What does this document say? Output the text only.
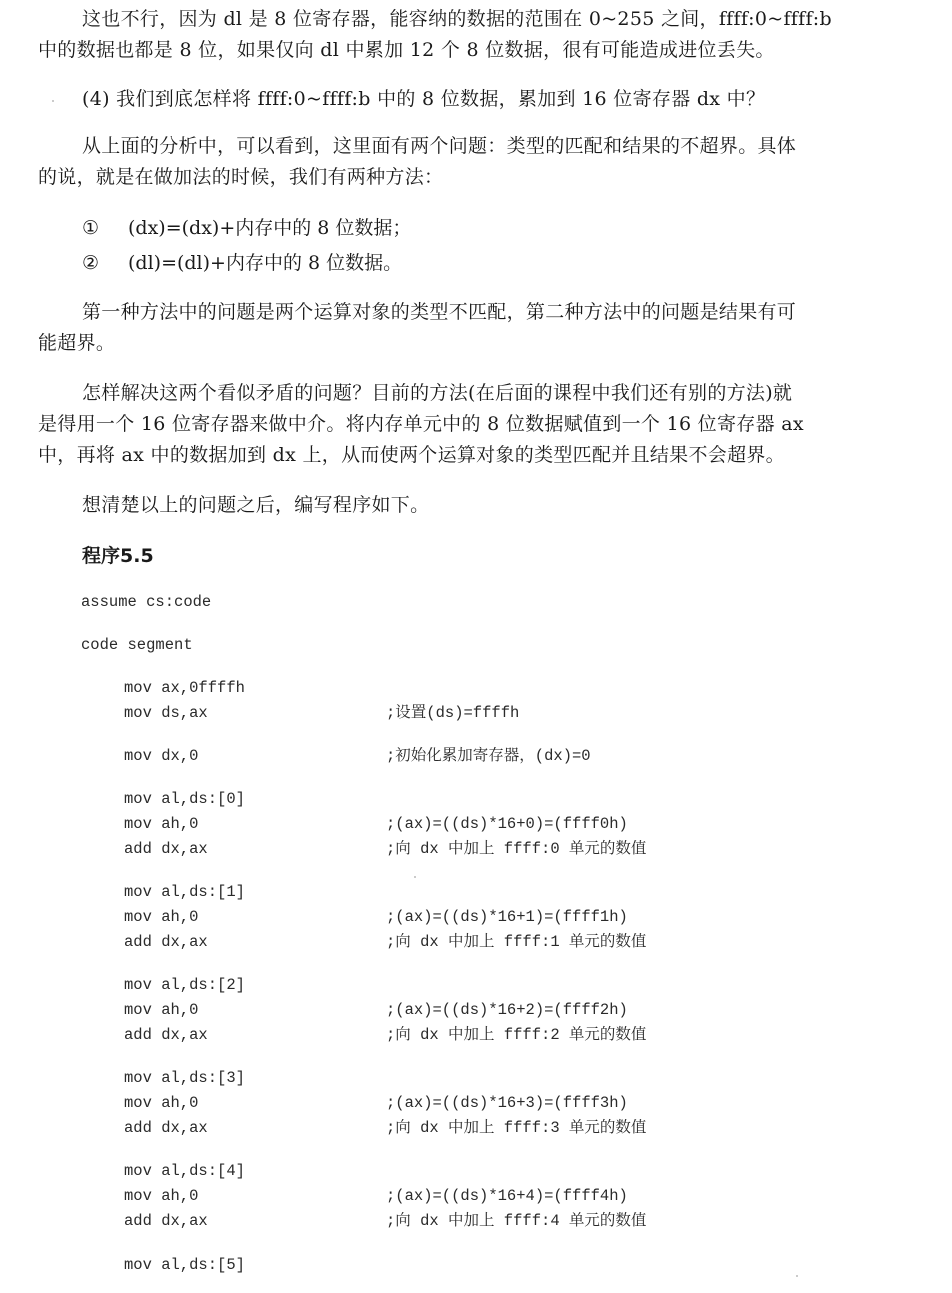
这也不行，因为 dl 是 8 位寄存器，能容纳的数据的范围在 0~255 之间，ffff:0~ffff:b
中的数据也都是 8 位，如果仅向 dl 中累加 12 个 8 位数据，很有可能造成进位丢失。

(4) 我们到底怎样将 ffff:0~ffff:b 中的 8 位数据，累加到 16 位寄存器 dx 中？

从上面的分析中，可以看到，这里面有两个问题：类型的匹配和结果的不超界。具体
的说，就是在做加法的时候，我们有两种方法：

① (dx)=(dx)+内存中的 8 位数据；
② (dl)=(dl)+内存中的 8 位数据。

第一种方法中的问题是两个运算对象的类型不匹配，第二种方法中的问题是结果有可
能超界。

怎样解决这两个看似矛盾的问题？目前的方法(在后面的课程中我们还有别的方法)就
是得用一个 16 位寄存器来做中介。将内存单元中的 8 位数据赋值到一个 16 位寄存器 ax
中，再将 ax 中的数据加到 dx 上，从而使两个运算对象的类型匹配并且结果不会超界。

想清楚以上的问题之后，编写程序如下。

程序5.5
assume cs:code
code segment
mov ax,0ffffh
mov ds,ax	;设置(ds)=ffffh
mov dx,0	;初始化累加寄存器，(dx)=0
mov al,ds:[0]
mov ah,0	;(ax)=((ds)*16+0)=(ffff0h)
add dx,ax	;向 dx 中加上 ffff:0 单元的数值
mov al,ds:[1]
mov ah,0	;(ax)=((ds)*16+1)=(ffff1h)
add dx,ax	;向 dx 中加上 ffff:1 单元的数值
mov al,ds:[2]
mov ah,0	;(ax)=((ds)*16+2)=(ffff2h)
add dx,ax	;向 dx 中加上 ffff:2 单元的数值
mov al,ds:[3]
mov ah,0	;(ax)=((ds)*16+3)=(ffff3h)
add dx,ax	;向 dx 中加上 ffff:3 单元的数值
mov al,ds:[4]
mov ah,0	;(ax)=((ds)*16+4)=(ffff4h)
add dx,ax	;向 dx 中加上 ffff:4 单元的数值
mov al,ds:[5]
